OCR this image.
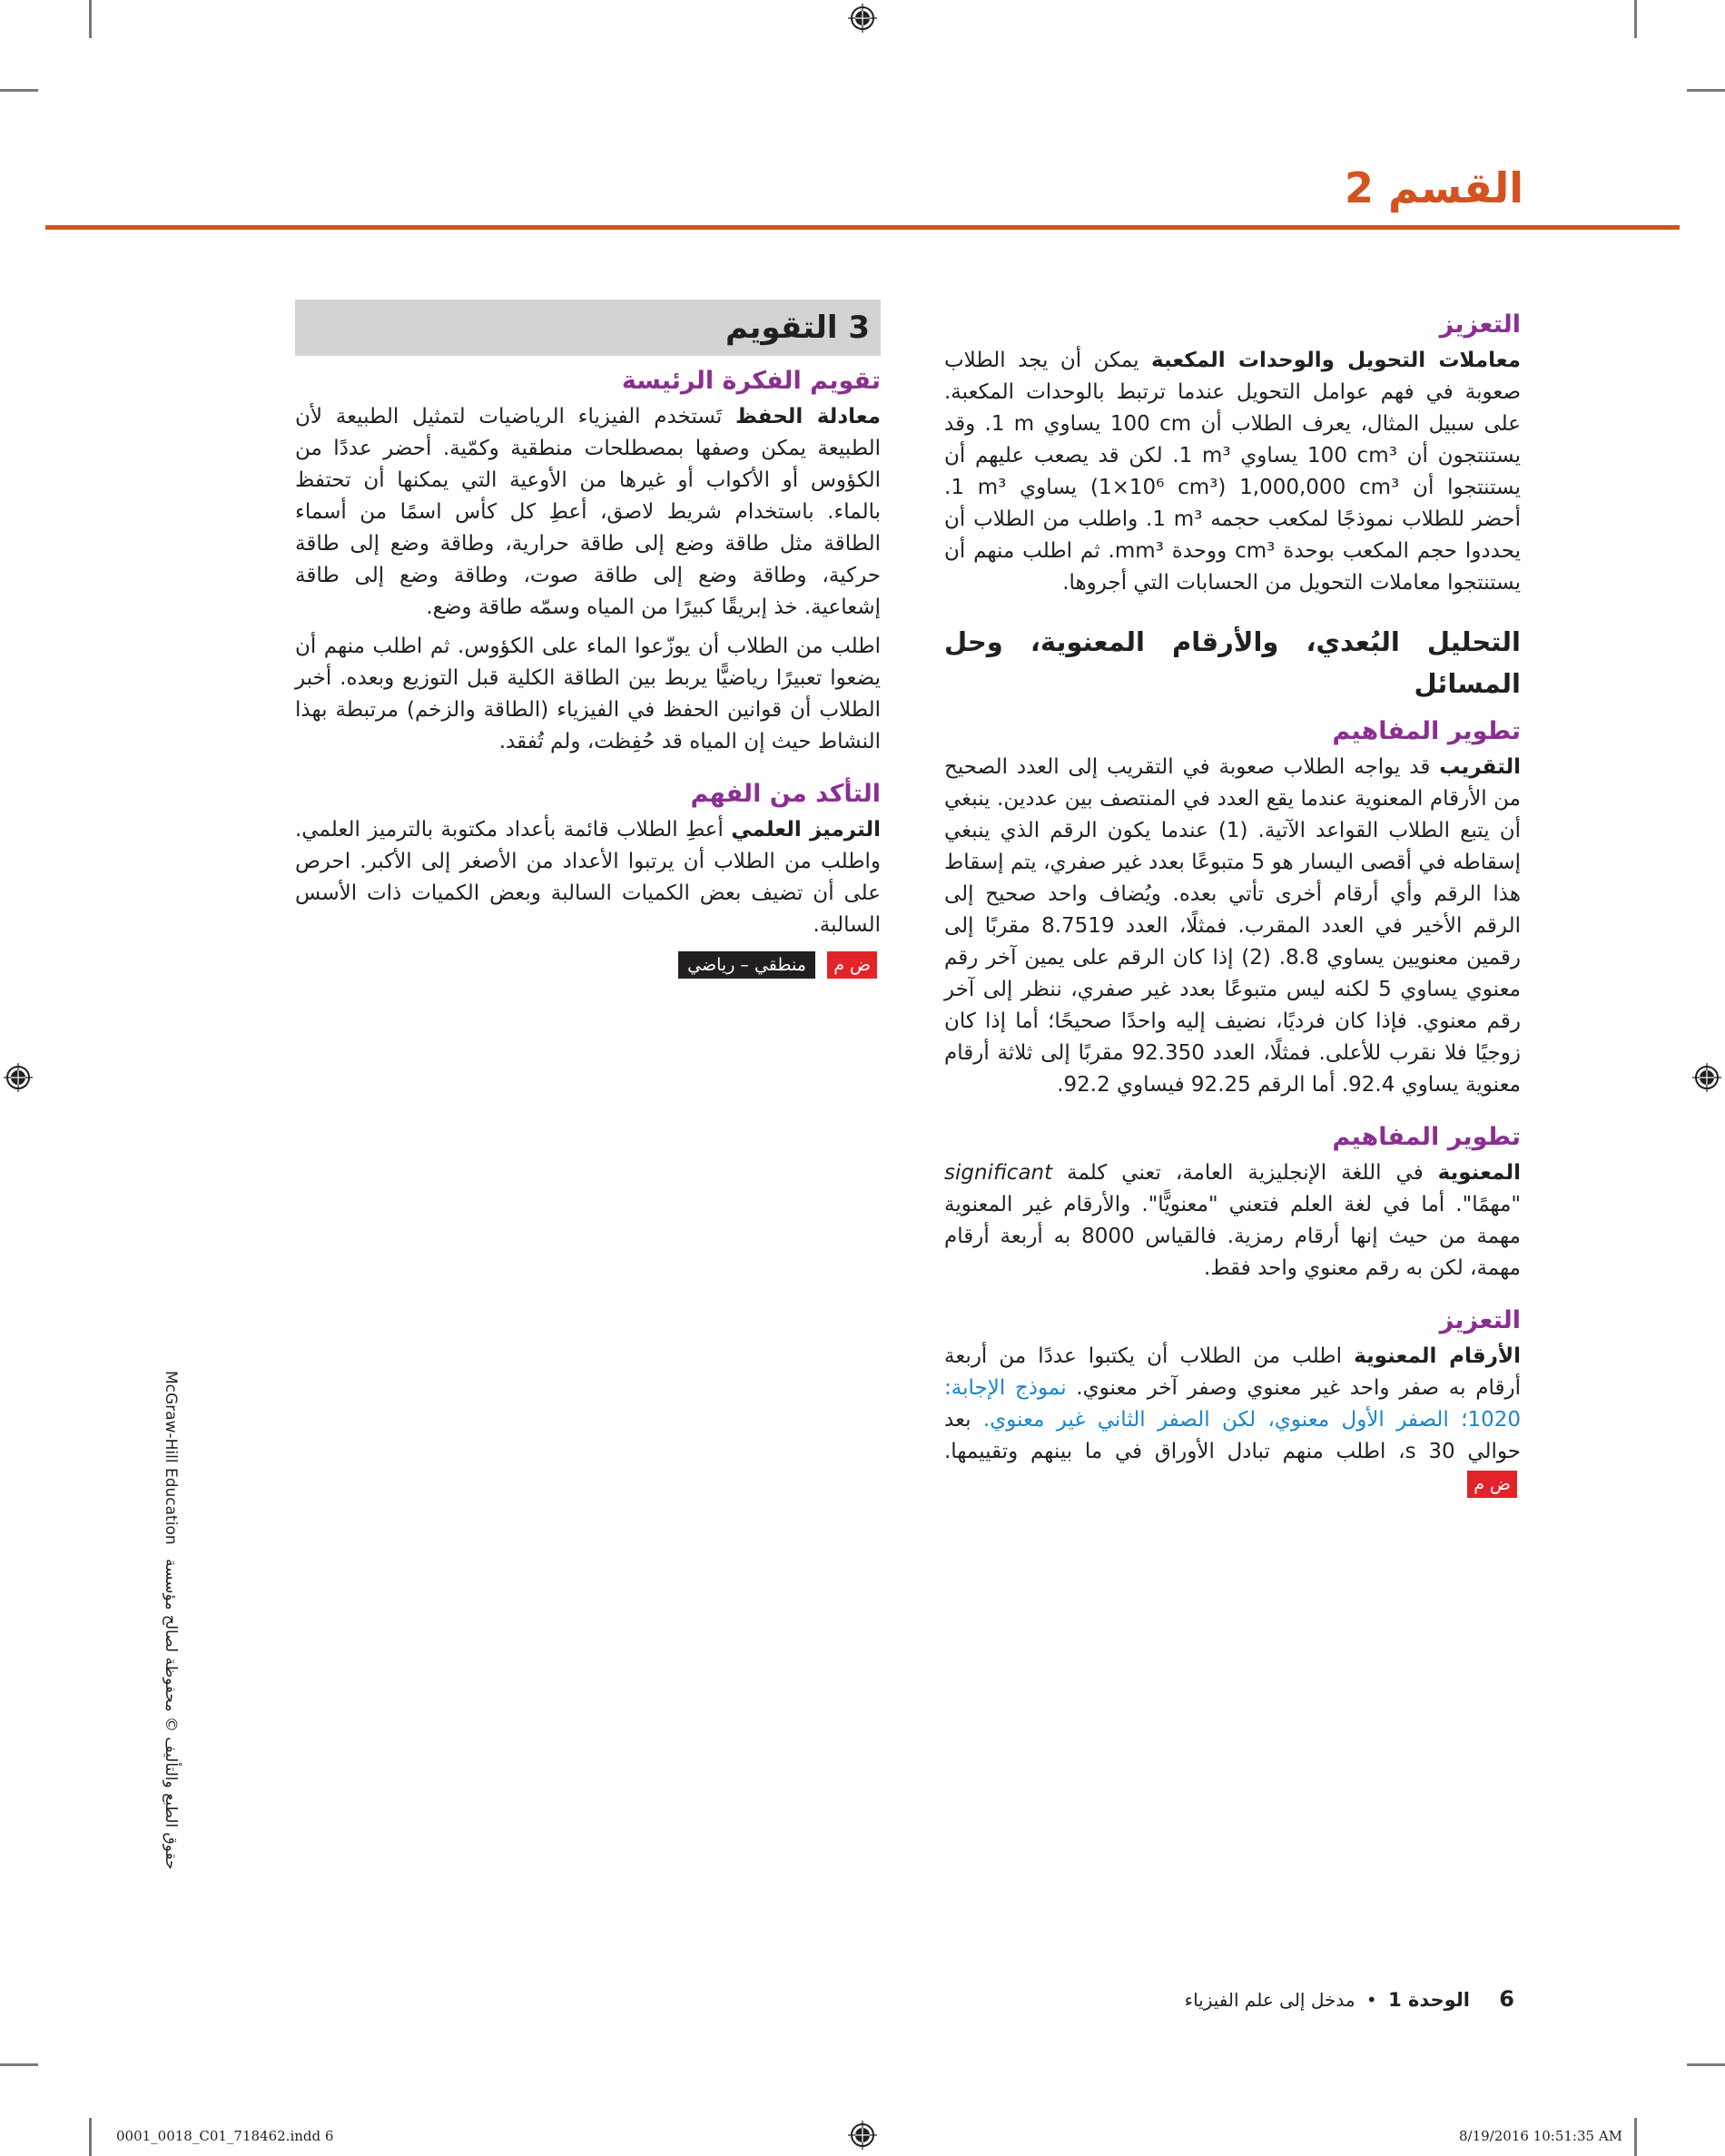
القسم 2
التعزيز

معاملات التحويل والوحدات المكعبة يمكن أن يجد الطلاب صعوبة في فهم عوامل التحويل عندما ترتبط بالوحدات المكعبة. على سبيل المثال، يعرف الطلاب أن 100 cm يساوي 1 m. وقد يستنتجون أن 100 cm³ يساوي 1 m³. لكن قد يصعب عليهم أن يستنتجوا أن (1×10⁶ cm³) 1,000,000 cm³ يساوي 1 m³. أحضر للطلاب نموذجًا لمكعب حجمه 1 m³. واطلب من الطلاب أن يحددوا حجم المكعب بوحدة cm³ ووحدة mm³. ثم اطلب منهم أن يستنتجوا معاملات التحويل من الحسابات التي أجروها.

التحليل البُعدي، والأرقام المعنوية، وحل المسائل
تطوير المفاهيم

التقريب قد يواجه الطلاب صعوبة في التقريب إلى العدد الصحيح من الأرقام المعنوية عندما يقع العدد في المنتصف بين عددين. ينبغي أن يتبع الطلاب القواعد الآتية. (1) عندما يكون الرقم الذي ينبغي إسقاطه في أقصى اليسار هو 5 متبوعًا بعدد غير صفري، يتم إسقاط هذا الرقم وأي أرقام أخرى تأتي بعده. ويُضاف واحد صحيح إلى الرقم الأخير في العدد المقرب. فمثلًا، العدد 8.7519 مقربًا إلى رقمين معنويين يساوي 8.8. (2) إذا كان الرقم على يمين آخر رقم معنوي يساوي 5 لكنه ليس متبوعًا بعدد غير صفري، ننظر إلى آخر رقم معنوي. فإذا كان فرديًا، نضيف إليه واحدًا صحيحًا؛ أما إذا كان زوجيًا فلا نقرب للأعلى. فمثلًا، العدد 92.350 مقربًا إلى ثلاثة أرقام معنوية يساوي 92.4. أما الرقم 92.25 فيساوي 92.2.

تطوير المفاهيم

المعنوية في اللغة الإنجليزية العامة، تعني كلمة significant "مهمًا". أما في لغة العلم فتعني "معنويًّا". والأرقام غير المعنوية مهمة من حيث إنها أرقام رمزية. فالقياس 8000 به أربعة أرقام مهمة، لكن به رقم معنوي واحد فقط.

التعزيز

الأرقام المعنوية اطلب من الطلاب أن يكتبوا عددًا من أربعة أرقام به صفر واحد غير معنوي وصفر آخر معنوي. نموذج الإجابة: 1020؛ الصفر الأول معنوي، لكن الصفر الثاني غير معنوي. بعد حوالي 30 s، اطلب منهم تبادل الأوراق في ما بينهم وتقييمها. ض م

3 التقويم
تقويم الفكرة الرئيسة

معادلة الحفظ تَستخدم الفيزياء الرياضيات لتمثيل الطبيعة لأن الطبيعة يمكن وصفها بمصطلحات منطقية وكمّية. أحضر عددًا من الكؤوس أو الأكواب أو غيرها من الأوعية التي يمكنها أن تحتفظ بالماء. باستخدام شريط لاصق، أعطِ كل كأس اسمًا من أسماء الطاقة مثل طاقة وضع إلى طاقة حرارية، وطاقة وضع إلى طاقة حركية، وطاقة وضع إلى طاقة صوت، وطاقة وضع إلى طاقة إشعاعية. خذ إبريقًا كبيرًا من المياه وسمّه طاقة وضع.

اطلب من الطلاب أن يوزّعوا الماء على الكؤوس. ثم اطلب منهم أن يضعوا تعبيرًا رياضيًّا يربط بين الطاقة الكلية قبل التوزيع وبعده. أخبر الطلاب أن قوانين الحفظ في الفيزياء (الطاقة والزخم) مرتبطة بهذا النشاط حيث إن المياه قد حُفِظت، ولم تُفقد.

التأكد من الفهم

الترميز العلمي أعطِ الطلاب قائمة بأعداد مكتوبة بالترميز العلمي. واطلب من الطلاب أن يرتبوا الأعداد من الأصغر إلى الأكبر. احرص على أن تضيف بعض الكميات السالبة وبعض الكميات ذات الأسس السالبة.

ض م منطقي – رياضي
McGraw-Hill Education حقوق الطبع والتأليف © محفوظة لصالح مؤسسة
6 الوحدة 1 • مدخل إلى علم الفيزياء
0001_0018_C01_718462.indd 6	8/19/2016 10:51:35 AM
